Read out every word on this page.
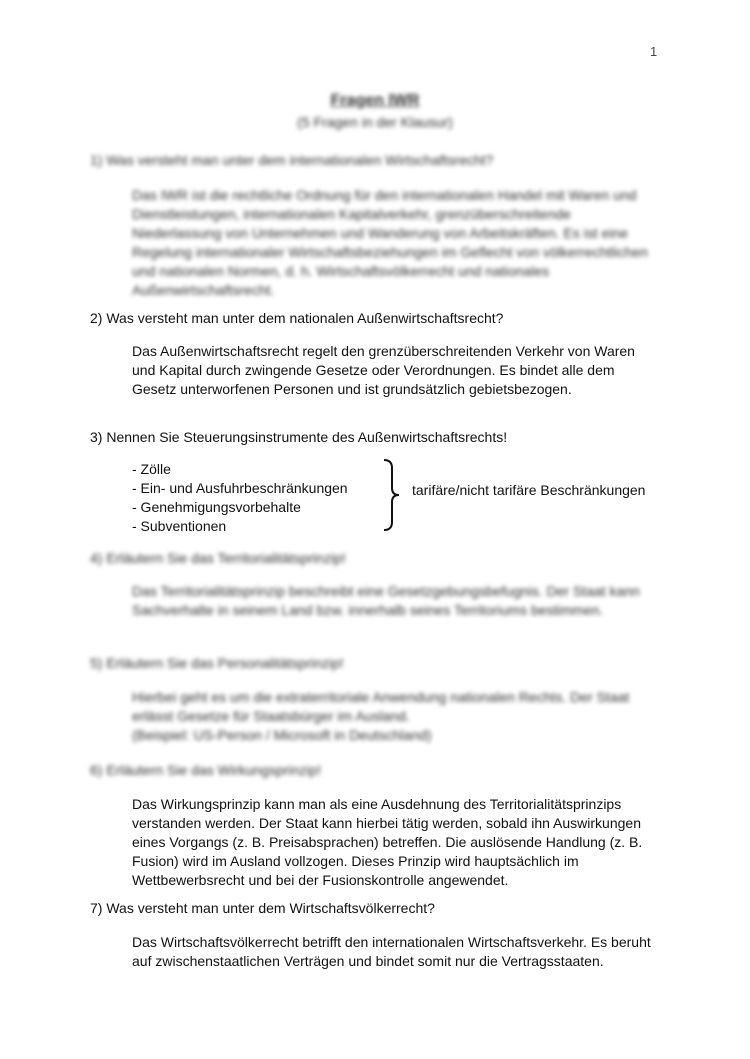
1
Fragen IWR
(5 Fragen in der Klausur)
1) Was versteht man unter dem internationalen Wirtschaftsrecht?

Das IWR ist die rechtliche Ordnung für den internationalen Handel mit Waren und Dienstleistungen, internationalen Kapitalverkehr, grenzüberschreitende Niederlassung von Unternehmen und Wanderung von Arbeitskräften. Es ist eine Regelung internationaler Wirtschaftsbeziehungen im Geflecht von völkerrechtlichen und nationalen Normen, d. h. Wirtschaftsvölkerrecht und nationales Außenwirtschaftsrecht.

2) Was versteht man unter dem nationalen Außenwirtschaftsrecht?

Das Außenwirtschaftsrecht regelt den grenzüberschreitenden Verkehr von Waren und Kapital durch zwingende Gesetze oder Verordnungen. Es bindet alle dem Gesetz unterworfenen Personen und ist grundsätzlich gebietsbezogen.

3) Nennen Sie Steuerungsinstrumente des Außenwirtschaftsrechts!
- Zölle
- Ein- und Ausfuhrbeschränkungen
- Genehmigungsvorbehalte
- Subventionen
tarifäre/nicht tarifäre Beschränkungen
4) Erläutern Sie das Territorialitätsprinzip!

Das Territorialitätsprinzip beschreibt eine Gesetzgebungsbefugnis. Der Staat kann Sachverhalte in seinem Land bzw. innerhalb seines Territoriums bestimmen.

5) Erläutern Sie das Personalitätsprinzip!

Hierbei geht es um die extraterritoriale Anwendung nationalen Rechts. Der Staat erlässt Gesetze für Staatsbürger im Ausland.

(Beispiel: US-Person / Microsoft in Deutschland)

6) Erläutern Sie das Wirkungsprinzip!

Das Wirkungsprinzip kann man als eine Ausdehnung des Territorialitätsprinzips verstanden werden. Der Staat kann hierbei tätig werden, sobald ihn Auswirkungen eines Vorgangs (z. B. Preisabsprachen) betreffen. Die auslösende Handlung (z. B. Fusion) wird im Ausland vollzogen. Dieses Prinzip wird hauptsächlich im Wettbewerbsrecht und bei der Fusionskontrolle angewendet.

7) Was versteht man unter dem Wirtschaftsvölkerrecht?

Das Wirtschaftsvölkerrecht betrifft den internationalen Wirtschaftsverkehr. Es beruht auf zwischenstaatlichen Verträgen und bindet somit nur die Vertragsstaaten.
